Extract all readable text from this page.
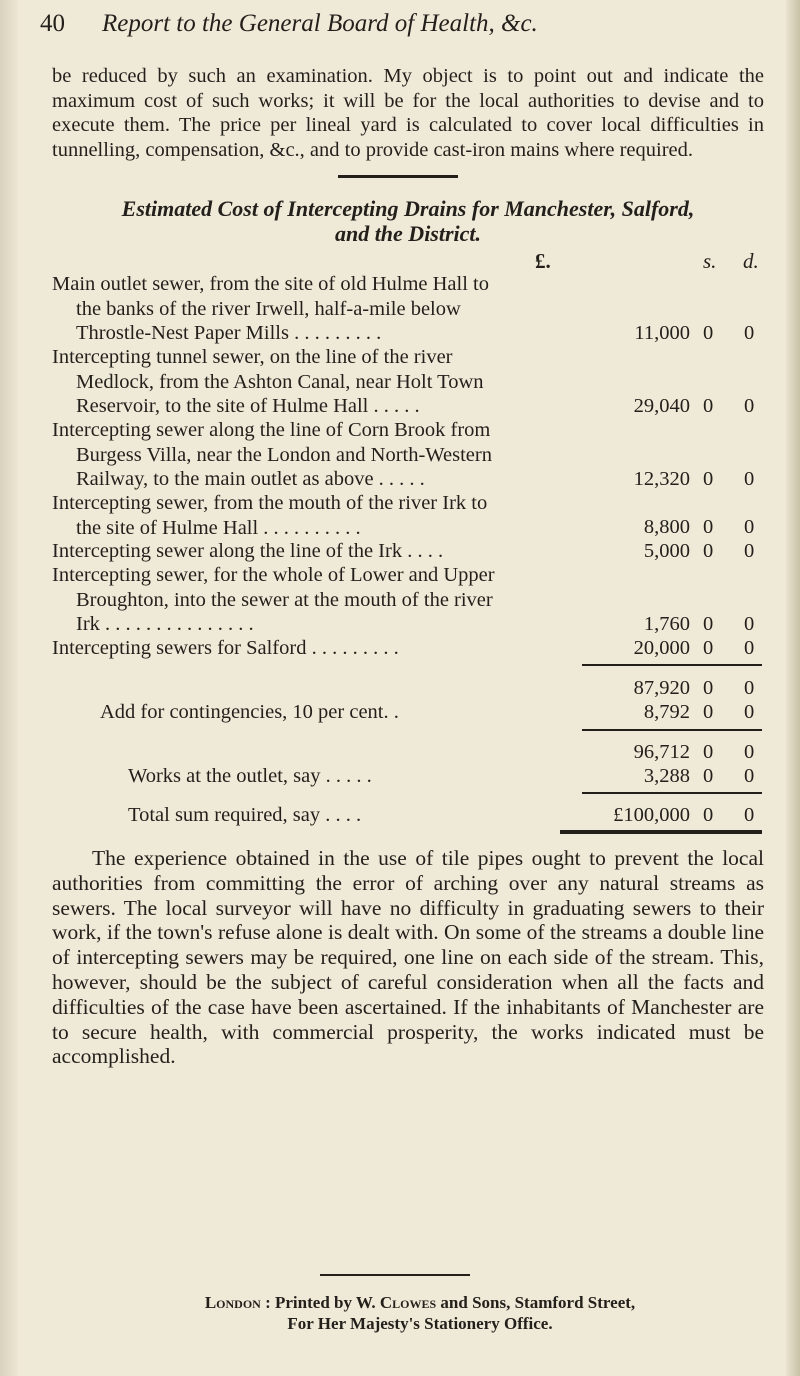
40 Report to the General Board of Health, &c.

be reduced by such an examination. My object is to point out and indicate the maximum cost of such works; it will be for the local authorities to devise and to execute them. The price per lineal yard is calculated to cover local difficulties in tunnelling, compensation, &c., and to provide cast-iron mains where required.

Estimated Cost of Intercepting Drains for Manchester, Salford,
and the District.
£.	s. d.
Main outlet sewer, from the site of old Hulme Hall to
the banks of the river Irwell, half-a-mile below
Throstle-Nest Paper Mills . . . . . . . . .	11,000 0 0
Intercepting tunnel sewer, on the line of the river
Medlock, from the Ashton Canal, near Holt Town
Reservoir, to the site of Hulme Hall . . . . .	29,040 0 0
Intercepting sewer along the line of Corn Brook from
Burgess Villa, near the London and North-Western
Railway, to the main outlet as above . . . . .	12,320 0 0
Intercepting sewer, from the mouth of the river Irk to
the site of Hulme Hall . . . . . . . . . .	8,800 0 0
Intercepting sewer along the line of the Irk . . . .	5,000 0 0
Intercepting sewer, for the whole of Lower and Upper
Broughton, into the sewer at the mouth of the river
Irk . . . . . . . . . . . . . . .	1,760 0 0
Intercepting sewers for Salford . . . . . . . . .	20,000 0 0
87,920 0 0
Add for contingencies, 10 per cent. .	8,792 0 0
96,712 0 0
Works at the outlet, say . . . . .	3,288 0 0
Total sum required, say . . . .	£100,000 0 0

The experience obtained in the use of tile pipes ought to prevent the local authorities from committing the error of arching over any natural streams as sewers. The local surveyor will have no difficulty in graduating sewers to their work, if the town's refuse alone is dealt with. On some of the streams a double line of intercepting sewers may be required, one line on each side of the stream. This, however, should be the subject of careful consideration when all the facts and difficulties of the case have been ascertained. If the inhabitants of Manchester are to secure health, with commercial prosperity, the works indicated must be accomplished.

London : Printed by W. Clowes and Sons, Stamford Street,
For Her Majesty's Stationery Office.
